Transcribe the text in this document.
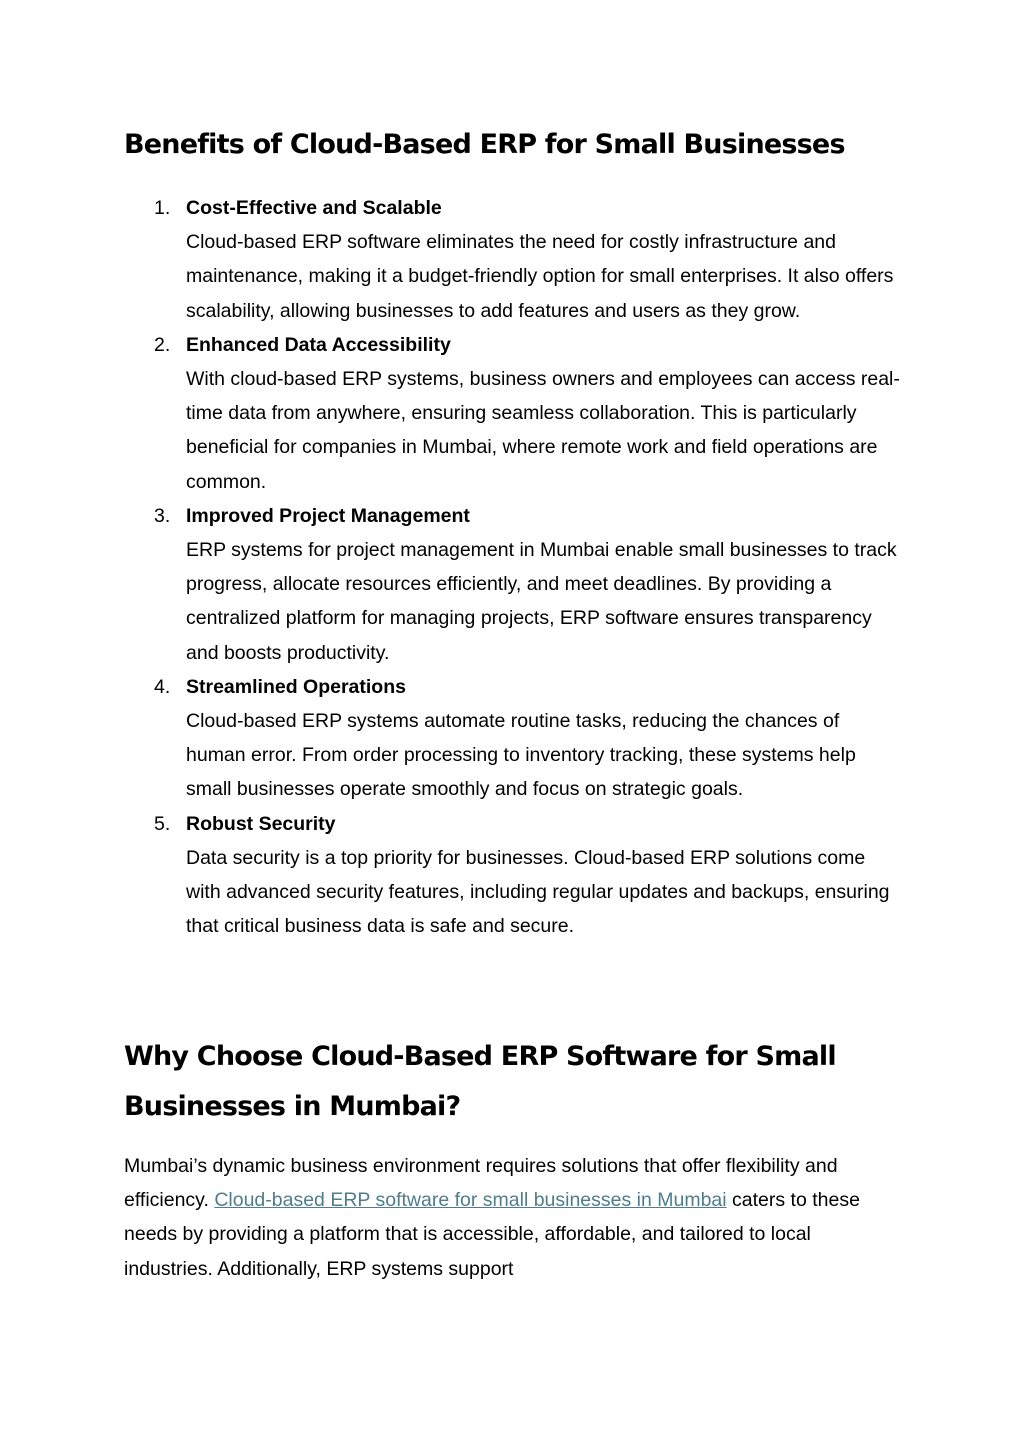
Benefits of Cloud-Based ERP for Small Businesses
1. Cost-Effective and Scalable
Cloud-based ERP software eliminates the need for costly infrastructure and maintenance, making it a budget-friendly option for small enterprises. It also offers scalability, allowing businesses to add features and users as they grow.
2. Enhanced Data Accessibility
With cloud-based ERP systems, business owners and employees can access real-time data from anywhere, ensuring seamless collaboration. This is particularly beneficial for companies in Mumbai, where remote work and field operations are common.
3. Improved Project Management
ERP systems for project management in Mumbai enable small businesses to track progress, allocate resources efficiently, and meet deadlines. By providing a centralized platform for managing projects, ERP software ensures transparency and boosts productivity.
4. Streamlined Operations
Cloud-based ERP systems automate routine tasks, reducing the chances of human error. From order processing to inventory tracking, these systems help small businesses operate smoothly and focus on strategic goals.
5. Robust Security
Data security is a top priority for businesses. Cloud-based ERP solutions come with advanced security features, including regular updates and backups, ensuring that critical business data is safe and secure.
Why Choose Cloud-Based ERP Software for Small Businesses in Mumbai?

Mumbai’s dynamic business environment requires solutions that offer flexibility and efficiency. Cloud-based ERP software for small businesses in Mumbai caters to these needs by providing a platform that is accessible, affordable, and tailored to local industries. Additionally, ERP systems support
